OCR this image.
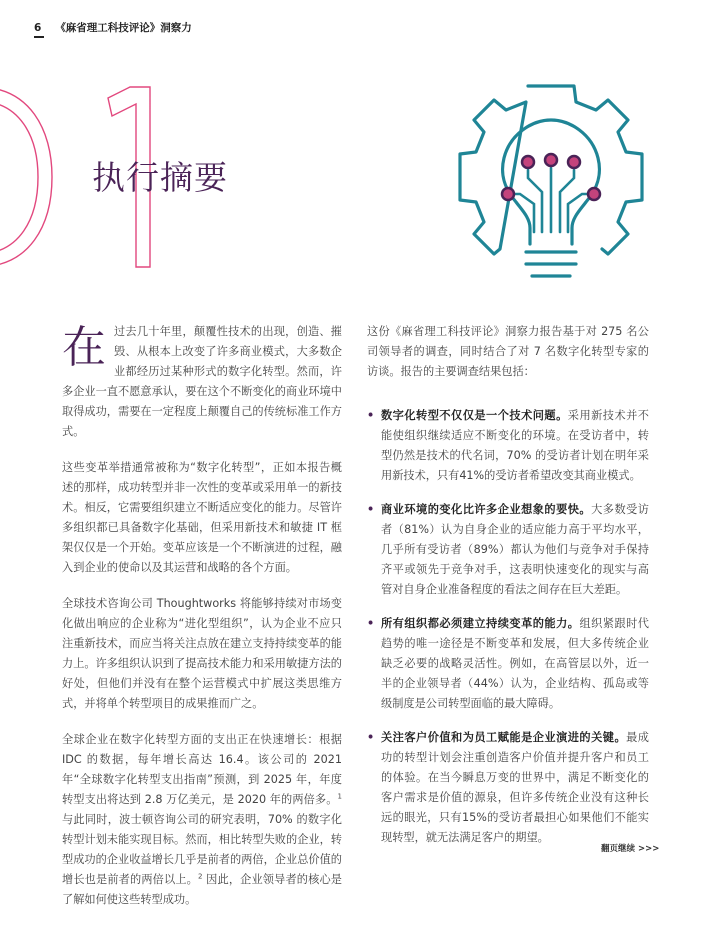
6 《麻省理工科技评论》洞察力
执行摘要

在过去几十年里，颠覆性技术的出现，创造、摧毁、从根本上改变了许多商业模式，大多数企业都经历过某种形式的数字化转型。然而，许多企业一直不愿意承认，要在这个不断变化的商业环境中取得成功，需要在一定程度上颠覆自己的传统标准工作方式。

这些变革举措通常被称为“数字化转型”，正如本报告概述的那样，成功转型并非一次性的变革或采用单一的新技术。相反，它需要组织建立不断适应变化的能力。尽管许多组织都已具备数字化基础，但采用新技术和敏捷 IT 框架仅仅是一个开始。变革应该是一个不断演进的过程，融入到企业的使命以及其运营和战略的各个方面。

全球技术咨询公司 Thoughtworks 将能够持续对市场变化做出响应的企业称为“进化型组织”，认为企业不应只注重新技术，而应当将关注点放在建立支持持续变革的能力上。许多组织认识到了提高技术能力和采用敏捷方法的好处，但他们并没有在整个运营模式中扩展这类思维方式，并将单个转型项目的成果推而广之。

全球企业在数字化转型方面的支出正在快速增长：根据 IDC 的数据，每年增长高达 16.4。该公司的 2021 年“全球数字化转型支出指南”预测，到 2025 年，年度转型支出将达到 2.8 万亿美元，是 2020 年的两倍多。$^1$ 与此同时，波士顿咨询公司的研究表明，70% 的数字化转型计划未能实现目标。然而，相比转型失败的企业，转型成功的企业收益增长几乎是前者的两倍，企业总价值的增长也是前者的两倍以上。$^2$ 因此，企业领导者的核心是了解如何使这些转型成功。

这份《麻省理工科技评论》洞察力报告基于对 275 名公司领导者的调查，同时结合了对 7 名数字化转型专家的访谈。报告的主要调查结果包括：

• 数字化转型不仅仅是一个技术问题。采用新技术并不能使组织继续适应不断变化的环境。在受访者中，转型仍然是技术的代名词，70% 的受访者计划在明年采用新技术，只有41%的受访者希望改变其商业模式。
• 商业环境的变化比许多企业想象的要快。大多数受访者（81%）认为自身企业的适应能力高于平均水平，几乎所有受访者（89%）都认为他们与竞争对手保持齐平或领先于竞争对手，这表明快速变化的现实与高管对自身企业准备程度的看法之间存在巨大差距。
• 所有组织都必须建立持续变革的能力。组织紧跟时代趋势的唯一途径是不断变革和发展，但大多传统企业缺乏必要的战略灵活性。例如，在高管层以外，近一半的企业领导者（44%）认为，企业结构、孤岛或等级制度是公司转型面临的最大障碍。
• 关注客户价值和为员工赋能是企业演进的关键。最成功的转型计划会注重创造客户价值并提升客户和员工的体验。在当今瞬息万变的世界中，满足不断变化的客户需求是价值的源泉，但许多传统企业没有这种长远的眼光，只有15%的受访者最担心如果他们不能实现转型，就无法满足客户的期望。
翻页继续 >>>
